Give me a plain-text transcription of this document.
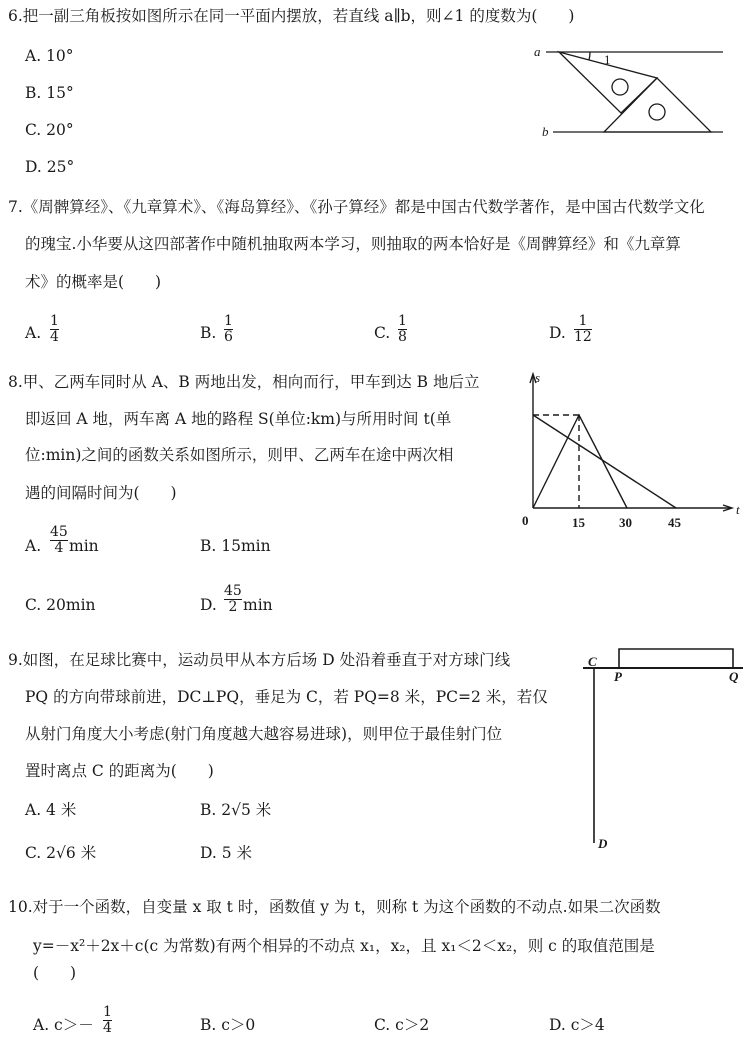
6.把一副三角板按如图所示在同一平面内摆放，若直线 a∥b，则∠1 的度数为(　　)
A. 10°
B. 15°
C. 20°
D. 25°
a
b
1
7.《周髀算经》、《九章算术》、《海岛算经》、《孙子算经》都是中国古代数学著作，是中国古代数学文化
的瑰宝.小华要从这四部著作中随机抽取两本学习，则抽取的两本恰好是《周髀算经》和《九章算
术》的概率是(　　)
A.
1
4	B.
1
6	C.
1
8	D.
1
12
8.甲、乙两车同时从 A、B 两地出发，相向而行，甲车到达 B 地后立
即返回 A 地，两车离 A 地的路程 S(单位:km)与所用时间 t(单
位:min)之间的函数关系如图所示，则甲、乙两车在途中两次相
遇的间隔时间为(　　)
A.
45
4 min	B. 15min
C. 20min	D.
45
2 min
s
t
0	15	30	45
9.如图，在足球比赛中，运动员甲从本方后场 D 处沿着垂直于对方球门线
PQ 的方向带球前进，DC⊥PQ，垂足为 C，若 PQ=8 米，PC=2 米，若仅
从射门角度大小考虑(射门角度越大越容易进球)，则甲位于最佳射门位
置时离点 C 的距离为(　　)
A. 4 米	B. 2√5 米
C. 2√6 米	D. 5 米
C
P	Q
D
10.对于一个函数，自变量 x 取 t 时，函数值 y 为 t，则称 t 为这个函数的不动点.如果二次函数
y=－x²＋2x＋c(c 为常数)有两个相异的不动点 x₁，x₂，且 x₁＜2＜x₂，则 c 的取值范围是
(　　)
A. c＞－
1
4	B. c＞0	C. c＞2	D. c＞4
